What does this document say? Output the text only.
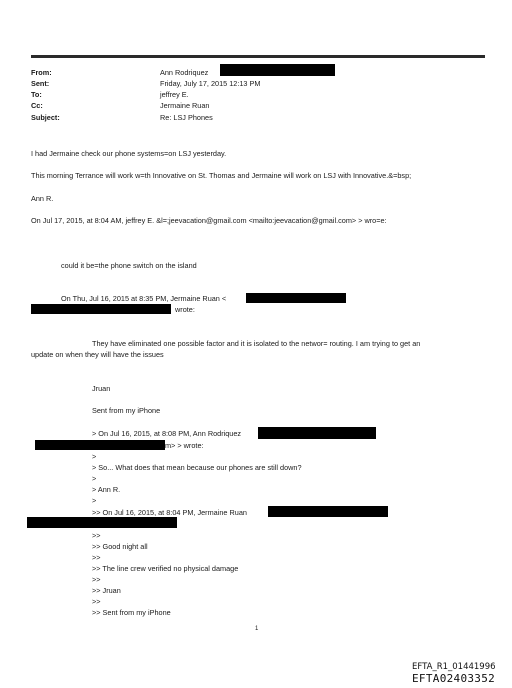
From:	Ann Rodriquez
Sent:	Friday, July 17, 2015 12:13 PM
To:	jeffrey E.
Cc:	Jermaine Ruan
Subject:	Re: LSJ Phones
I had Jermaine check our phone systems=on LSJ yesterday.
This morning Terrance will work w=th Innovative on St. Thomas and Jermaine will work on LSJ with Innovative.&=bsp;
Ann R.
On Jul 17, 2015, at 8:04 AM, jeffrey E. &l=;jeevacation@gmail.com <mailto:jeevacation@gmail.com> > wro=e:
could it be=the phone switch on the island
On Thu, Jul 16, 2015 at 8:35 PM, Jermaine Ruan <
wrote:
They have eliminated one possible factor and it is isolated to the networ= routing. I am trying to get an
update on when they will have the issues
Jruan
Sent from my iPhone
> On Jul 16, 2015, at 8:08 PM, Ann Rodriquez
m> > wrote:
>
> So... What does that mean because our phones are still down?
>
> Ann R.
>
>> On Jul 16, 2015, at 8:04 PM, Jermaine Ruan
>>
>> Good night all
>>
>> The line crew verified no physical damage
>>
>> Jruan
>>
>> Sent from my iPhone
1
EFTA_R1_01441996
EFTA02403352
